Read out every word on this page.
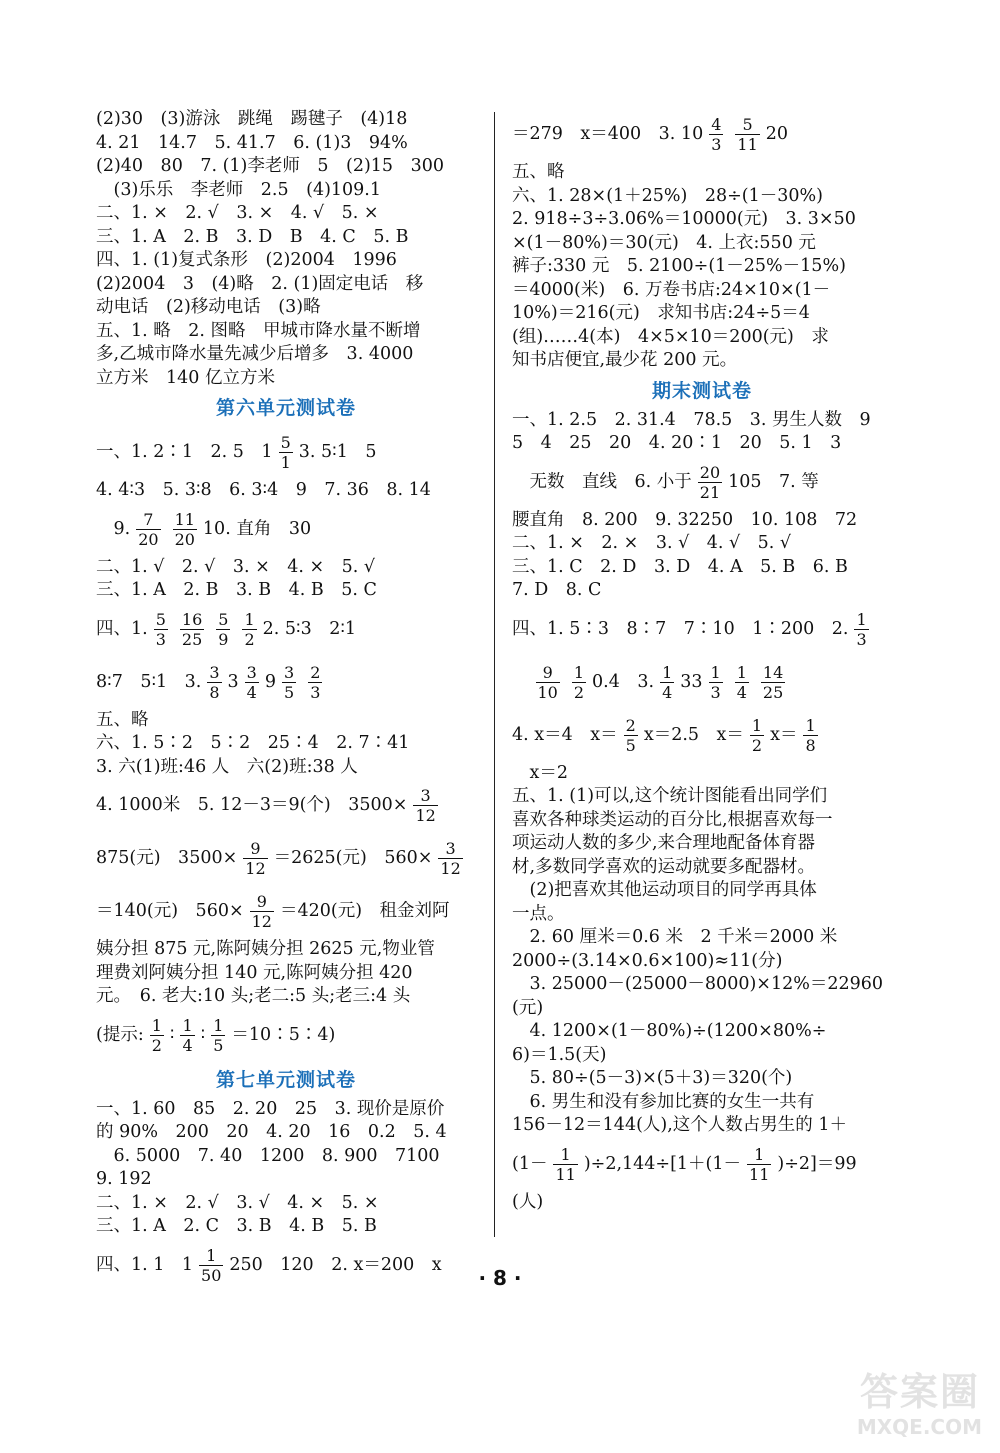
(2)30　(3)游泳　跳绳　踢毽子　(4)18
4. 21　14.7　5. 41.7　6. (1)3　94%
(2)40　80　7. (1)李老师　5　(2)15　300
　(3)乐乐　李老师　2.5　(4)109.1
二、1. ×　2. √　3. ×　4. √　5. ×
三、1. A　2. B　3. D　B　4. C　5. B
四、1. (1)复式条形　(2)2004　1996
(2)2004　3　(4)略　2. (1)固定电话　移
动电话　(2)移动电话　(3)略
五、1. 略　2. 图略　甲城市降水量不断增
多,乙城市降水量先减少后增多　3. 4000
立方米　140 亿立方米
第六单元测试卷
一、1. 2∶1　2. 5　$1 \frac{5}{1} 3$. 5∶1　5
4. 4∶3　5. 3∶8　6. 3∶4　9　7. 36　8. 14
　9. $\frac{7}{20} \frac{11}{20} 10$. 直角　30
二、1. √　2. √　3. ×　4. ×　5. √
三、1. A　2. B　3. B　4. B　5. C
四、1. $\frac{5}{3} \frac{16}{25} \frac{5}{9} \frac{1}{2} 2$. 5∶3　2∶1
8∶7　5∶1　3. $\frac{3}{8} 3 \frac{3}{4} 9 \frac{3}{5} \frac{2}{3}$
五、略
六、1. 5∶2　5∶2　25∶4　2. 7∶41
3. 六(1)班:46 人　六(2)班:38 人
4. 1000米　5. 12－3＝9(个)　$3500\times \frac{3}{12}$
875(元)　$3500\times \frac{9}{12} =2625$(元)　$560\times \frac{3}{12}$
＝140(元)　$560\times \frac{9}{12} =420$(元)　租金刘阿
姨分担 875 元,陈阿姨分担 2625 元,物业管
理费刘阿姨分担 140 元,陈阿姨分担 420
元。　6. 老大:10 头;老二:5 头;老三:4 头
(提示: $\frac{1}{2}$ ∶ $\frac{1}{4}$ ∶ $\frac{1}{5}$ ＝10∶5∶4)
第七单元测试卷
一、1. 60　85　2. 20　25　3. 现价是原价
的 90%　200　20　4. 20　16　0.2　5. 4
　6. 5000　7. 40　1200　8. 900　7100
9. 192
二、1. ×　2. √　3. √　4. ×　5. ×
三、1. A　2. C　3. B　4. B　5. B
四、1. 1　$1 \frac{1}{50} 250$　120　2. x＝200　x
＝279　x＝400　3. $10 \frac{4}{3} \frac{5}{11} 20$
五、略
六、1. 28×(1＋25%)　28÷(1－30%)
2. 918÷3÷3.06%＝10000(元)　3. 3×50
×(1－80%)＝30(元)　4. 上衣:550 元
裤子:330 元　5. 2100÷(1－25%－15%)
＝4000(米)　6. 万卷书店:24×10×(1－
10%)＝216(元)　求知书店:24÷5＝4
(组)……4(本)　4×5×10＝200(元)　求
知书店便宜,最少花 200 元。
期末测试卷
一、1. 2.5　2. 31.4　78.5　3. 男生人数　9
5　4　25　20　4. 20∶1　20　5. 1　3
　无数　直线　6. 小于 $\frac{20}{21} 105$　7. 等
腰直角　8. 200　9. 32250　10. 108　72
二、1. ×　2. ×　3. √　4. √　5. √
三、1. C　2. D　3. D　4. A　5. B　6. B
7. D　8. C
四、1. 5∶3　8∶7　7∶10　1∶200　2. $\frac{1}{3}$

$\frac{9}{10} \frac{1}{2} 0.4$　3. $\frac{1}{4} 33 \frac{1}{3} \frac{1}{4} \frac{14}{25}$
4. x＝4　$x= \frac{2}{5} x=2.5$　$x= \frac{1}{2} x= \frac{1}{8}$
　x＝2
五、1. (1)可以,这个统计图能看出同学们
喜欢各种球类运动的百分比,根据喜欢每一
项运动人数的多少,来合理地配备体育器
材,多数同学喜欢的运动就要多配器材。
　(2)把喜欢其他运动项目的同学再具体
一点。
　2. 60 厘米＝0.6 米　2 千米＝2000 米
2000÷(3.14×0.6×100)≈11(分)
　3. 25000－(25000－8000)×12%＝22960
(元)
　4. 1200×(1－80%)÷(1200×80%÷
6)＝1.5(天)
　5. 80÷(5－3)×(5＋3)＝320(个)
　6. 男生和没有参加比赛的女生一共有
156－12＝144(人),这个人数占男生的 1＋
$(1- \frac{1}{11} )\div 2,144\div[1+(1- \frac{1}{11} )\div 2]=99$
(人)
· 8 ·
答案圈
MXQE.COM
